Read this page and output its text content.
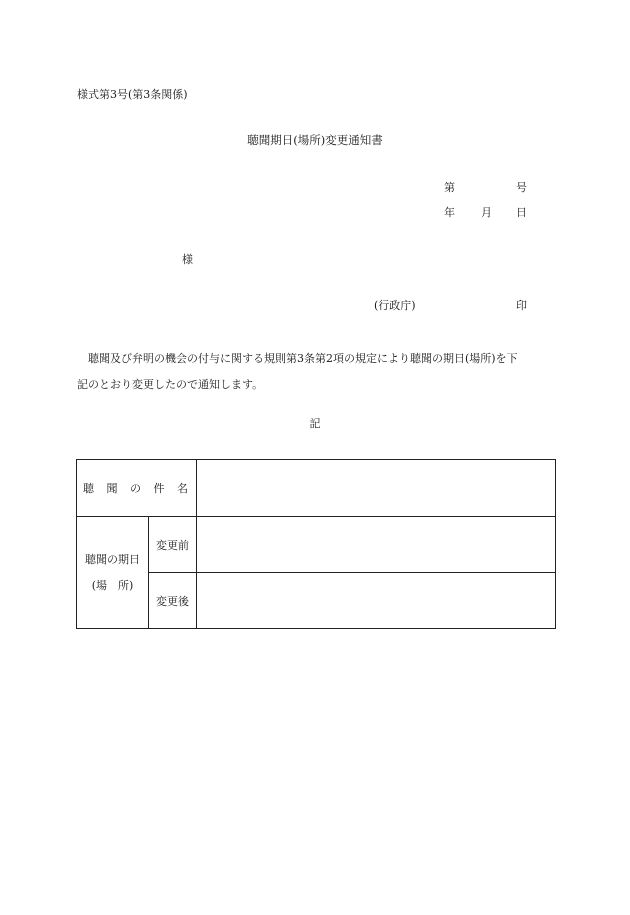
様式第3号(第3条関係)
聴聞期日(場所)変更通知書
第	号
年 月 日
様
(行政庁)	印

聴聞及び弁明の機会の付与に関する規則第3条第2項の規定により聴聞の期日(場所)を下

記のとおり変更したので通知します。

記
聴 聞 の 件 名		

聴聞の期日
(場　所)	変更前	
	変更後	
